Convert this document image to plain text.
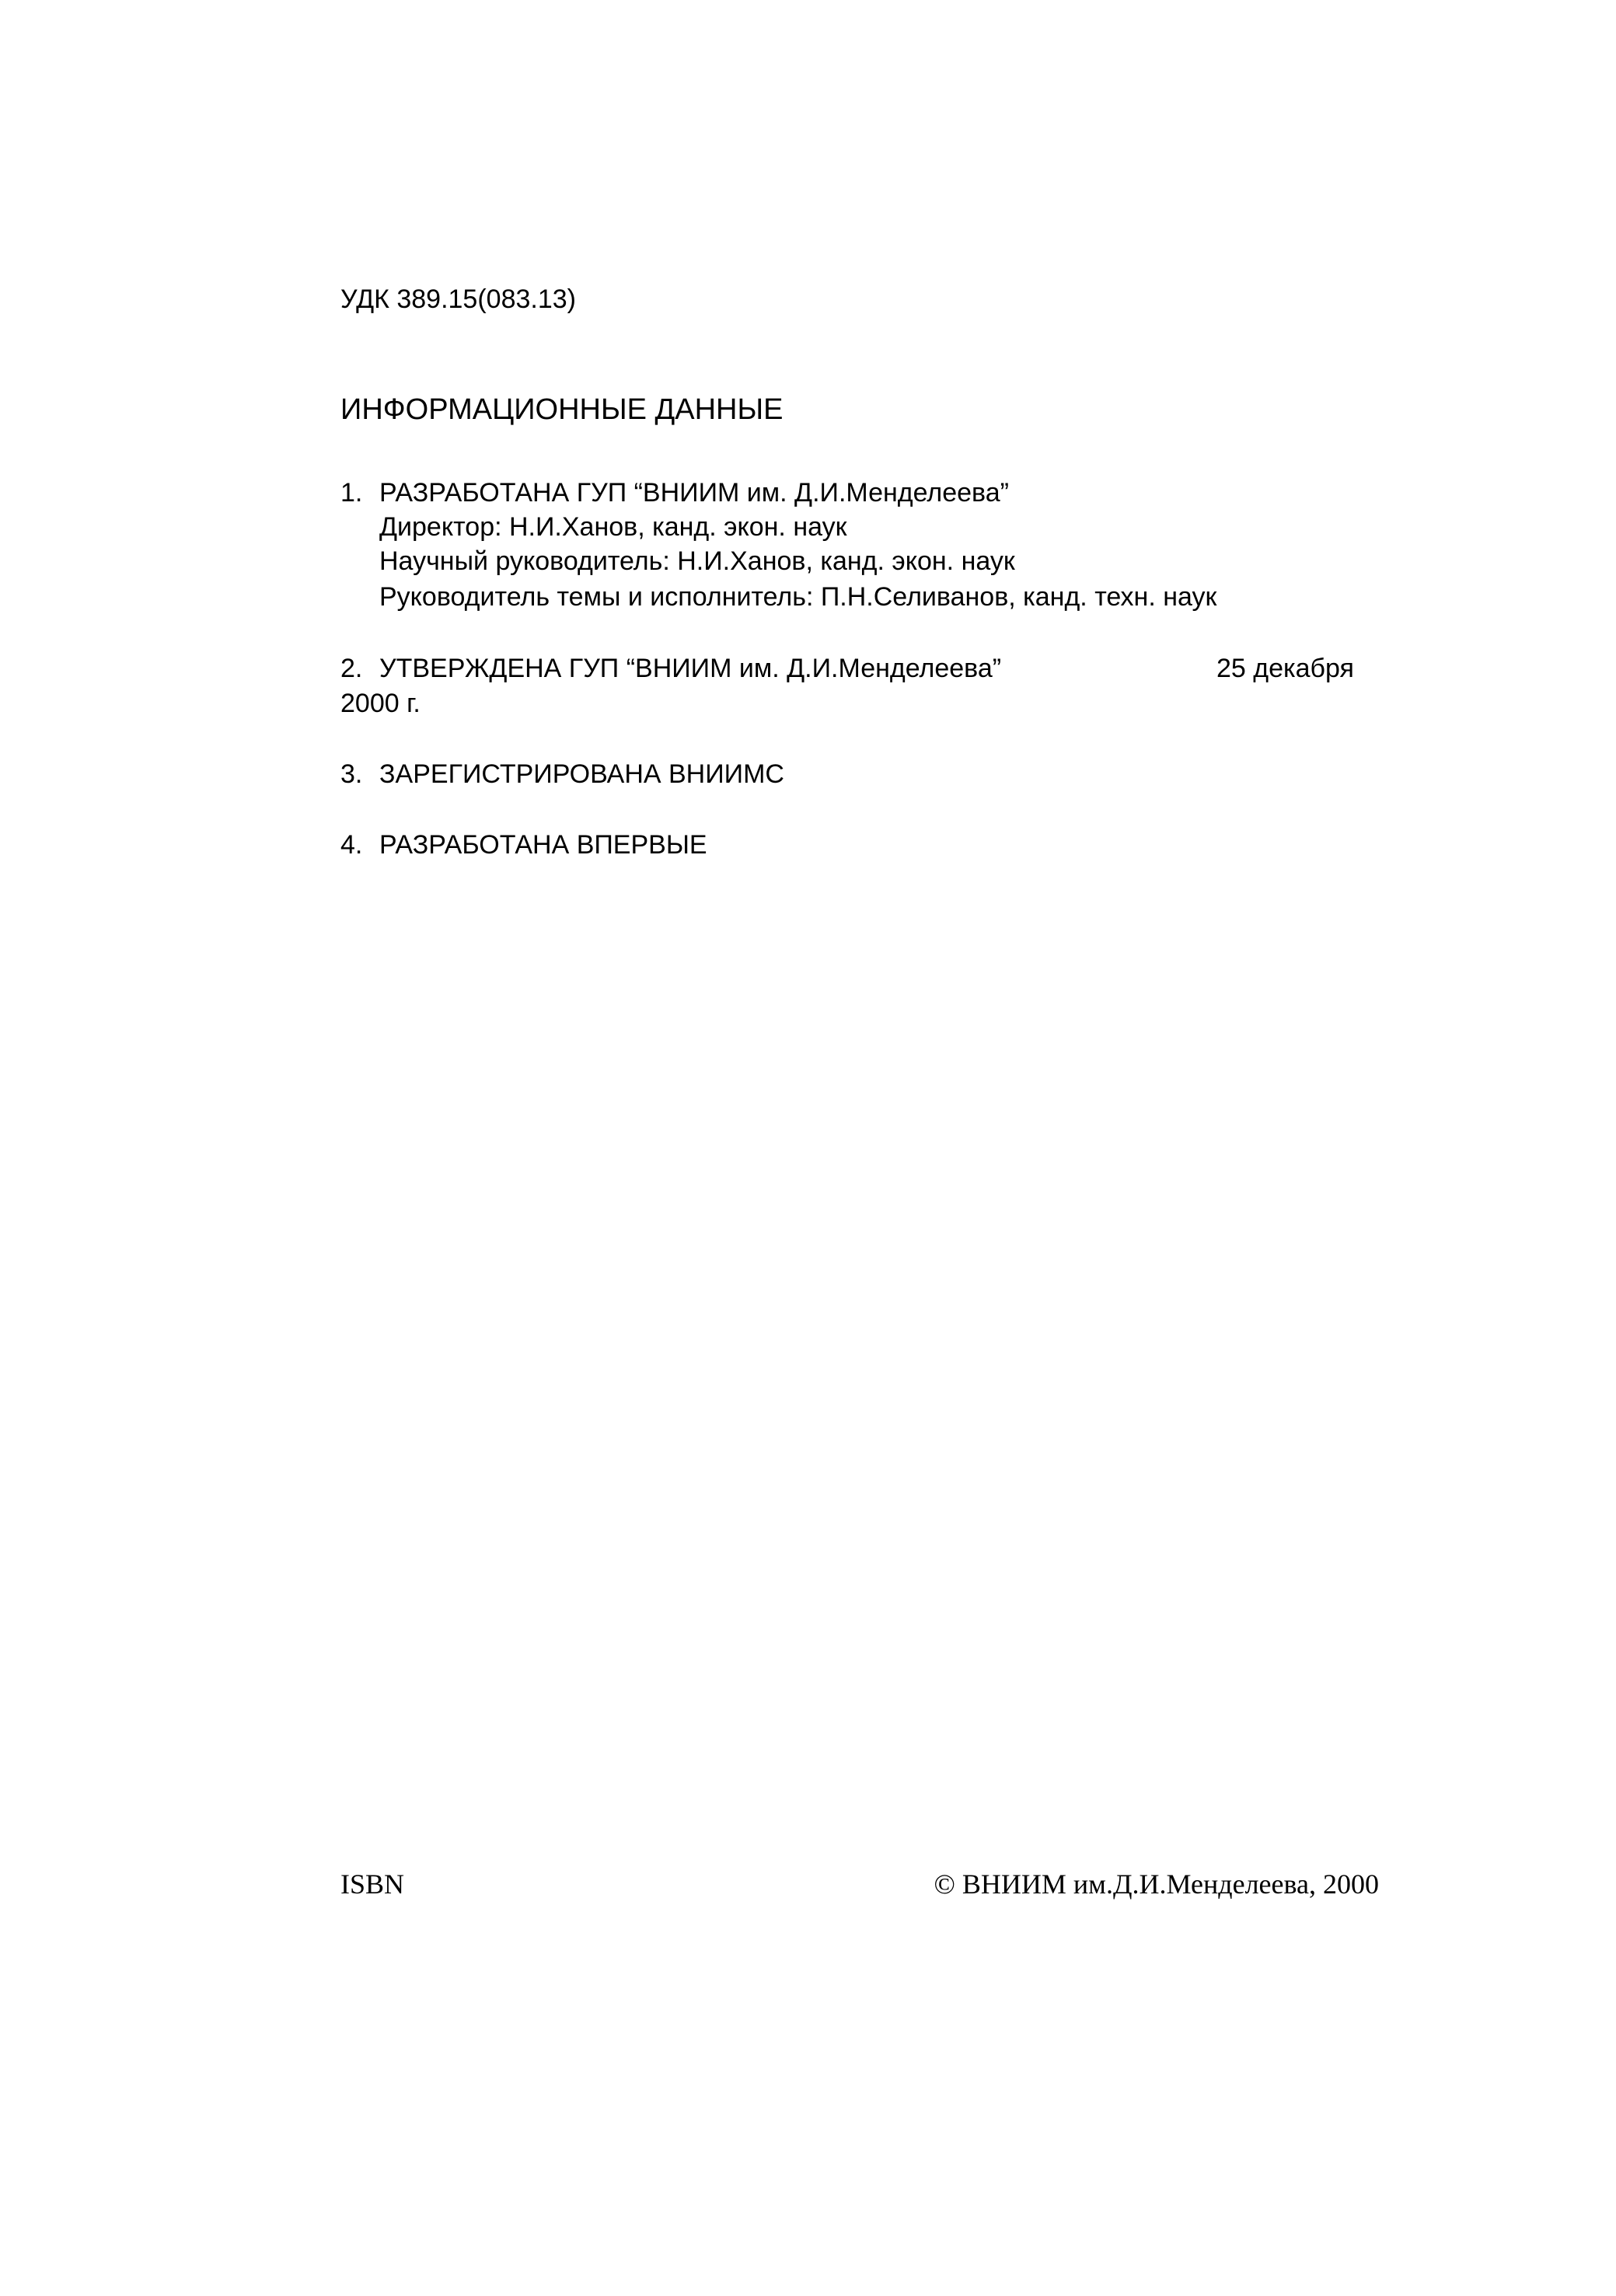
УДК 389.15(083.13)
ИНФОРМАЦИОННЫЕ ДАННЫЕ
1. РАЗРАБОТАНА ГУП “ВНИИМ им. Д.И.Менделеева”
Директор: Н.И.Ханов, канд. экон. наук
Научный руководитель: Н.И.Ханов, канд. экон. наук
Руководитель темы и исполнитель: П.Н.Селиванов, канд. техн. наук
2. УТВЕРЖДЕНА ГУП “ВНИИМ им. Д.И.Менделеева”	25 декабря
2000 г.
3. ЗАРЕГИСТРИРОВАНА ВНИИМС
4. РАЗРАБОТАНА ВПЕРВЫЕ
ISBN	© ВНИИМ им.Д.И.Менделеева, 2000
